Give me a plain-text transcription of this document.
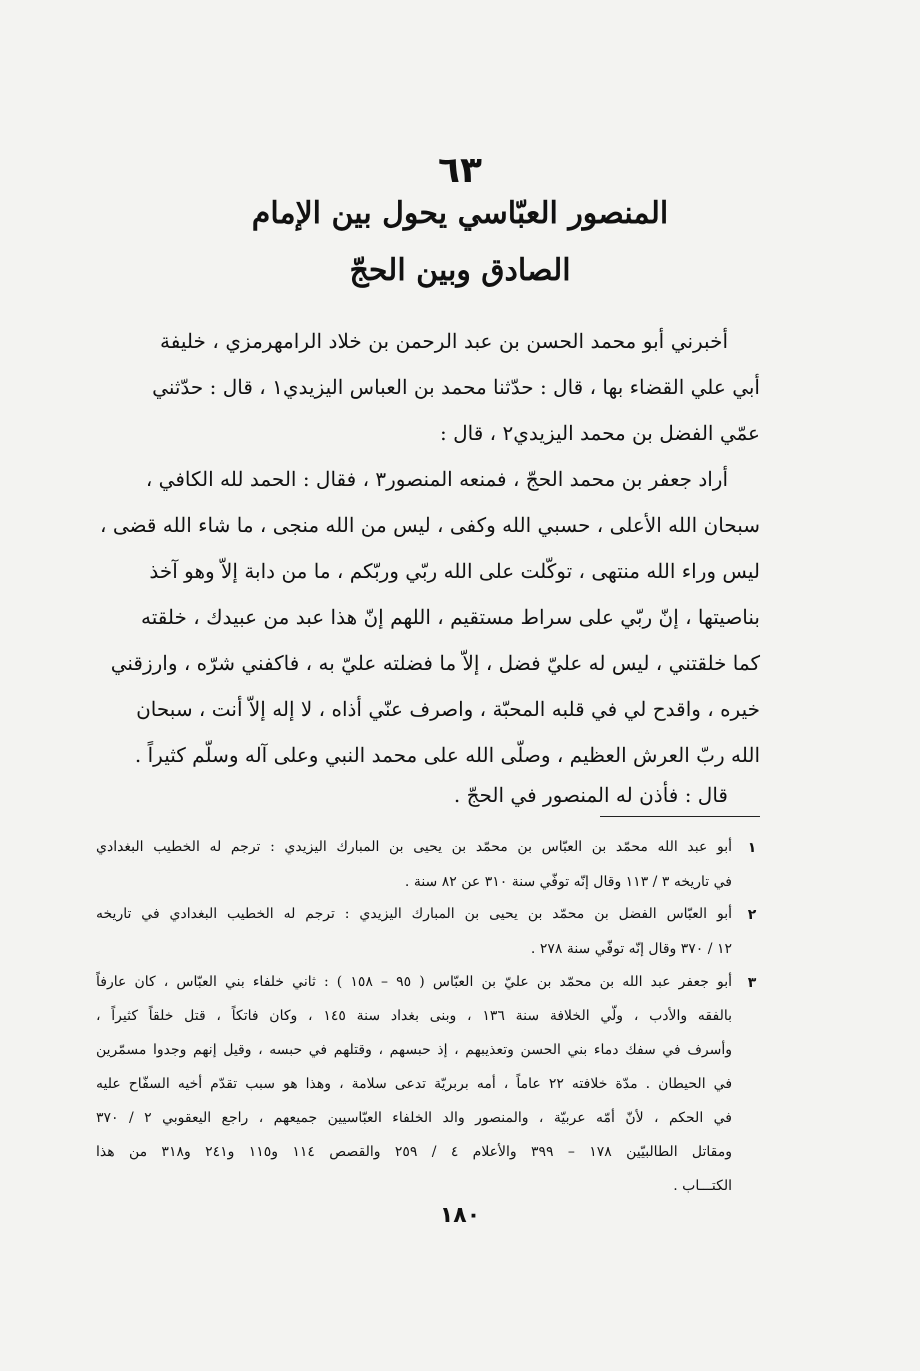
٦٣
المنصور العبّاسي يحول بين الإمام
الصادق وبين الحجّ
أخبرني أبو محمد الحسن بن عبد الرحمن بن خلاد الرامهرمزي ، خليفة
أبي علي القضاء بها ، قال : حدّثنا محمد بن العباس اليزيدي١ ، قال : حدّثني
عمّي الفضل بن محمد اليزيدي٢ ، قال :
أراد جعفر بن محمد الحجّ ، فمنعه المنصور٣ ، فقال : الحمد لله الكافي ،
سبحان الله الأعلى ، حسبي الله وكفى ، ليس من الله منجى ، ما شاء الله قضى ،
ليس وراء الله منتهى ، توكّلت على الله ربّي وربّكم ، ما من دابة إلاّ وهو آخذ
بناصيتها ، إنّ ربّي على سراط مستقيم ، اللهم إنّ هذا عبد من عبيدك ، خلقته
كما خلقتني ، ليس له عليّ فضل ، إلاّ ما فضلته عليّ به ، فاكفني شرّه ، وارزقني
خيره ، واقدح لي في قلبه المحبّة ، واصرف عنّي أذاه ، لا إله إلاّ أنت ، سبحان
الله ربّ العرش العظيم ، وصلّى الله على محمد النبي وعلى آله وسلّم كثيراً .
قال : فأذن له المنصور في الحجّ .
١
أبو عبد الله محمّد بن العبّاس بن محمّد بن يحيى بن المبارك اليزيدي : ترجم له الخطيب البغدادي
في تاريخه ٣ / ١١٣ وقال إنّه توفّي سنة ٣١٠ عن ٨٢ سنة .
٢
أبو العبّاس الفضل بن محمّد بن يحيى بن المبارك اليزيدي : ترجم له الخطيب البغدادي في تاريخه
١٢ / ٣٧٠ وقال إنّه توفّي سنة ٢٧٨ .
٣
أبو جعفر عبد الله بن محمّد بن عليّ بن العبّاس ( ٩٥ – ١٥٨ ) : ثاني خلفاء بني العبّاس ، كان عارفاً
بالفقه والأدب ، ولّي الخلافة سنة ١٣٦ ، وبنى بغداد سنة ١٤٥ ، وكان فاتكاً ، قتل خلقاً كثيراً ،
وأسرف في سفك دماء بني الحسن وتعذيبهم ، إذ حبسهم ، وقتلهم في حبسه ، وقيل إنهم وجدوا مسمّرين
في الحيطان . مدّة خلافته ٢٢ عاماً ، أمه بربريّة تدعى سلامة ، وهذا هو سبب تقدّم أخيه السفّاح عليه
في الحكم ، لأنّ أمّه عربيّة ، والمنصور والد الخلفاء العبّاسيين جميعهم ، راجع اليعقوبي ٢ / ٣٧٠
ومقاتل الطالبيّين ١٧٨ – ٣٩٩ والأعلام ٤ / ٢٥٩ والقصص ١١٤ و١١٥ و٢٤١ و٣١٨ من هذا
الكتـــاب .
١٨٠
